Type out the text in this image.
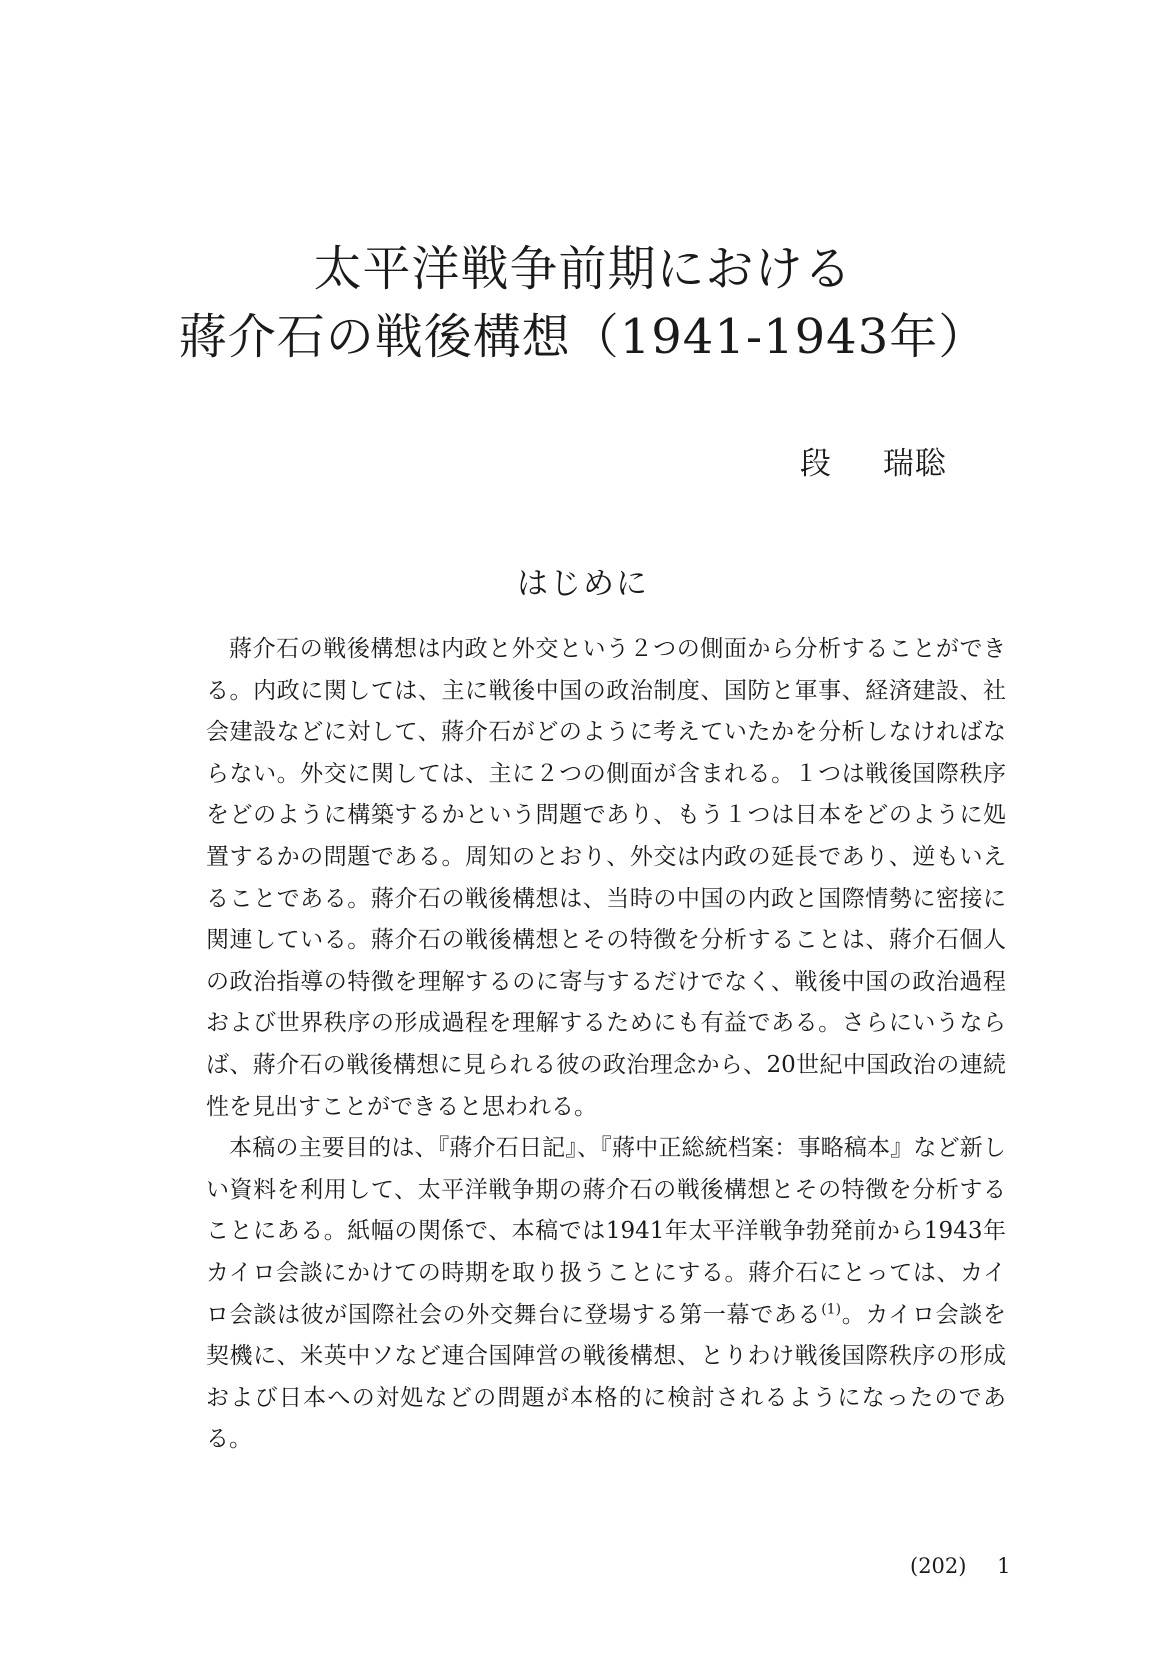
太平洋戦争前期における
蔣介石の戦後構想（1941-1943年）
段 瑞聡
はじめに

蔣介石の戦後構想は内政と外交という２つの側面から分析することができる。内政に関しては、主に戦後中国の政治制度、国防と軍事、経済建設、社会建設などに対して、蔣介石がどのように考えていたかを分析しなければならない。外交に関しては、主に２つの側面が含まれる。１つは戦後国際秩序をどのように構築するかという問題であり、もう１つは日本をどのように処置するかの問題である。周知のとおり、外交は内政の延長であり、逆もいえることである。蔣介石の戦後構想は、当時の中国の内政と国際情勢に密接に関連している。蔣介石の戦後構想とその特徴を分析することは、蔣介石個人の政治指導の特徴を理解するのに寄与するだけでなく、戦後中国の政治過程および世界秩序の形成過程を理解するためにも有益である。さらにいうならば、蔣介石の戦後構想に見られる彼の政治理念から、20世紀中国政治の連続性を見出すことができると思われる。

本稿の主要目的は、『蔣介石日記』、『蔣中正総統档案：事略稿本』など新しい資料を利用して、太平洋戦争期の蔣介石の戦後構想とその特徴を分析することにある。紙幅の関係で、本稿では1941年太平洋戦争勃発前から1943年カイロ会談にかけての時期を取り扱うことにする。蔣介石にとっては、カイロ会談は彼が国際社会の外交舞台に登場する第一幕である$^{(1)}$。カイロ会談を契機に、米英中ソなど連合国陣営の戦後構想、とりわけ戦後国際秩序の形成および日本への対処などの問題が本格的に検討されるようになったのである。

(202) 1
